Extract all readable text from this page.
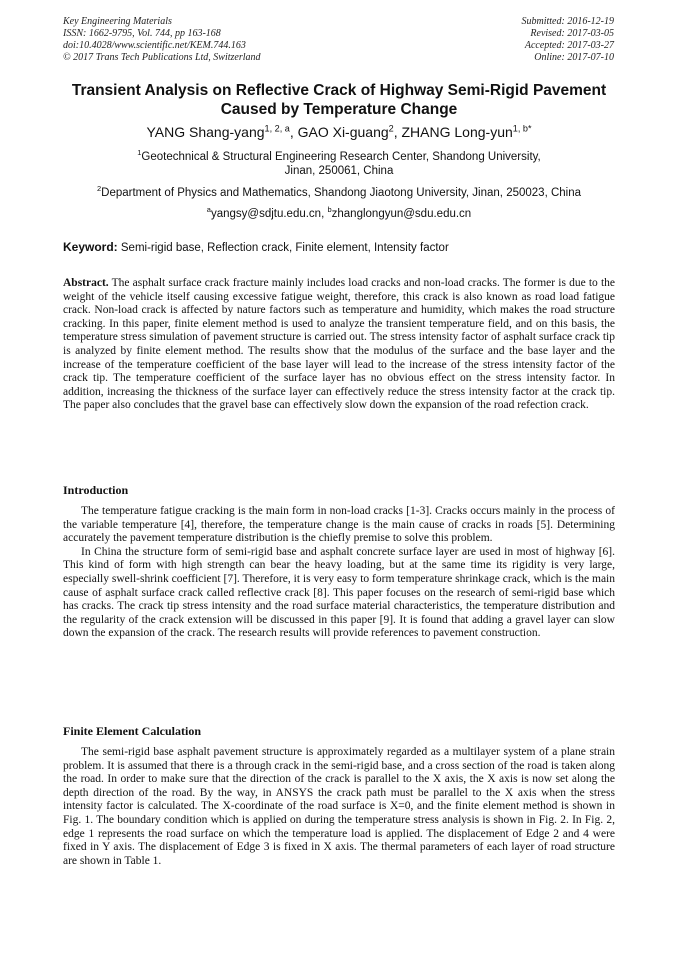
Key Engineering Materials
ISSN: 1662-9795, Vol. 744, pp 163-168
doi:10.4028/www.scientific.net/KEM.744.163
© 2017 Trans Tech Publications Ltd, Switzerland
Submitted: 2016-12-19
Revised: 2017-03-05
Accepted: 2017-03-27
Online: 2017-07-10
Transient Analysis on Reflective Crack of Highway Semi-Rigid Pavement Caused by Temperature Change
YANG Shang-yang$^{1, 2, a}$, GAO Xi-guang$^2$, ZHANG Long-yun$^{1, b*}$
$^1$Geotechnical & Structural Engineering Research Center, Shandong University,
Jinan, 250061, China
$^2$Department of Physics and Mathematics, Shandong Jiaotong University, Jinan, 250023, China
$^a$yangsy@sdjtu.edu.cn, $^b$zhanglongyun@sdu.edu.cn
Keyword: Semi-rigid base, Reflection crack, Finite element, Intensity factor
Abstract. The asphalt surface crack fracture mainly includes load cracks and non-load cracks. The former is due to the weight of the vehicle itself causing excessive fatigue weight, therefore, this crack is also known as road load fatigue crack. Non-load crack is affected by nature factors such as temperature and humidity, which makes the road structure cracking. In this paper, finite element method is used to analyze the transient temperature field, and on this basis, the temperature stress simulation of pavement structure is carried out. The stress intensity factor of asphalt surface crack tip is analyzed by finite element method. The results show that the modulus of the surface and the base layer and the increase of the temperature coefficient of the base layer will lead to the increase of the stress intensity factor of the crack tip. The temperature coefficient of the surface layer has no obvious effect on the stress intensity factor. In addition, increasing the thickness of the surface layer can effectively reduce the stress intensity factor at the crack tip. The paper also concludes that the gravel base can effectively slow down the expansion of the road refection crack.
Introduction

The temperature fatigue cracking is the main form in non-load cracks [1-3]. Cracks occurs mainly in the process of the variable temperature [4], therefore, the temperature change is the main cause of cracks in roads [5]. Determining accurately the pavement temperature distribution is the chiefly premise to solve this problem.

In China the structure form of semi-rigid base and asphalt concrete surface layer are used in most of highway [6]. This kind of form with high strength can bear the heavy loading, but at the same time its rigidity is very large, especially swell-shrink coefficient [7]. Therefore, it is very easy to form temperature shrinkage crack, which is the main cause of asphalt surface crack called reflective crack [8]. This paper focuses on the research of semi-rigid base which has cracks. The crack tip stress intensity and the road surface material characteristics, the temperature distribution and the regularity of the crack extension will be discussed in this paper [9]. It is found that adding a gravel layer can slow down the expansion of the crack. The research results will provide references to pavement construction.

Finite Element Calculation

The semi-rigid base asphalt pavement structure is approximately regarded as a multilayer system of a plane strain problem. It is assumed that there is a through crack in the semi-rigid base, and a cross section of the road is taken along the road. In order to make sure that the direction of the crack is parallel to the X axis, the X axis is now set along the depth direction of the road. By the way, in ANSYS the crack path must be parallel to the X axis when the stress intensity factor is calculated. The X-coordinate of the road surface is X=0, and the finite element method is shown in Fig. 1. The boundary condition which is applied on during the temperature stress analysis is shown in Fig. 2. In Fig. 2, edge 1 represents the road surface on which the temperature load is applied. The displacement of Edge 2 and 4 were fixed in Y axis. The displacement of Edge 3 is fixed in X axis. The thermal parameters of each layer of road structure are shown in Table 1.
